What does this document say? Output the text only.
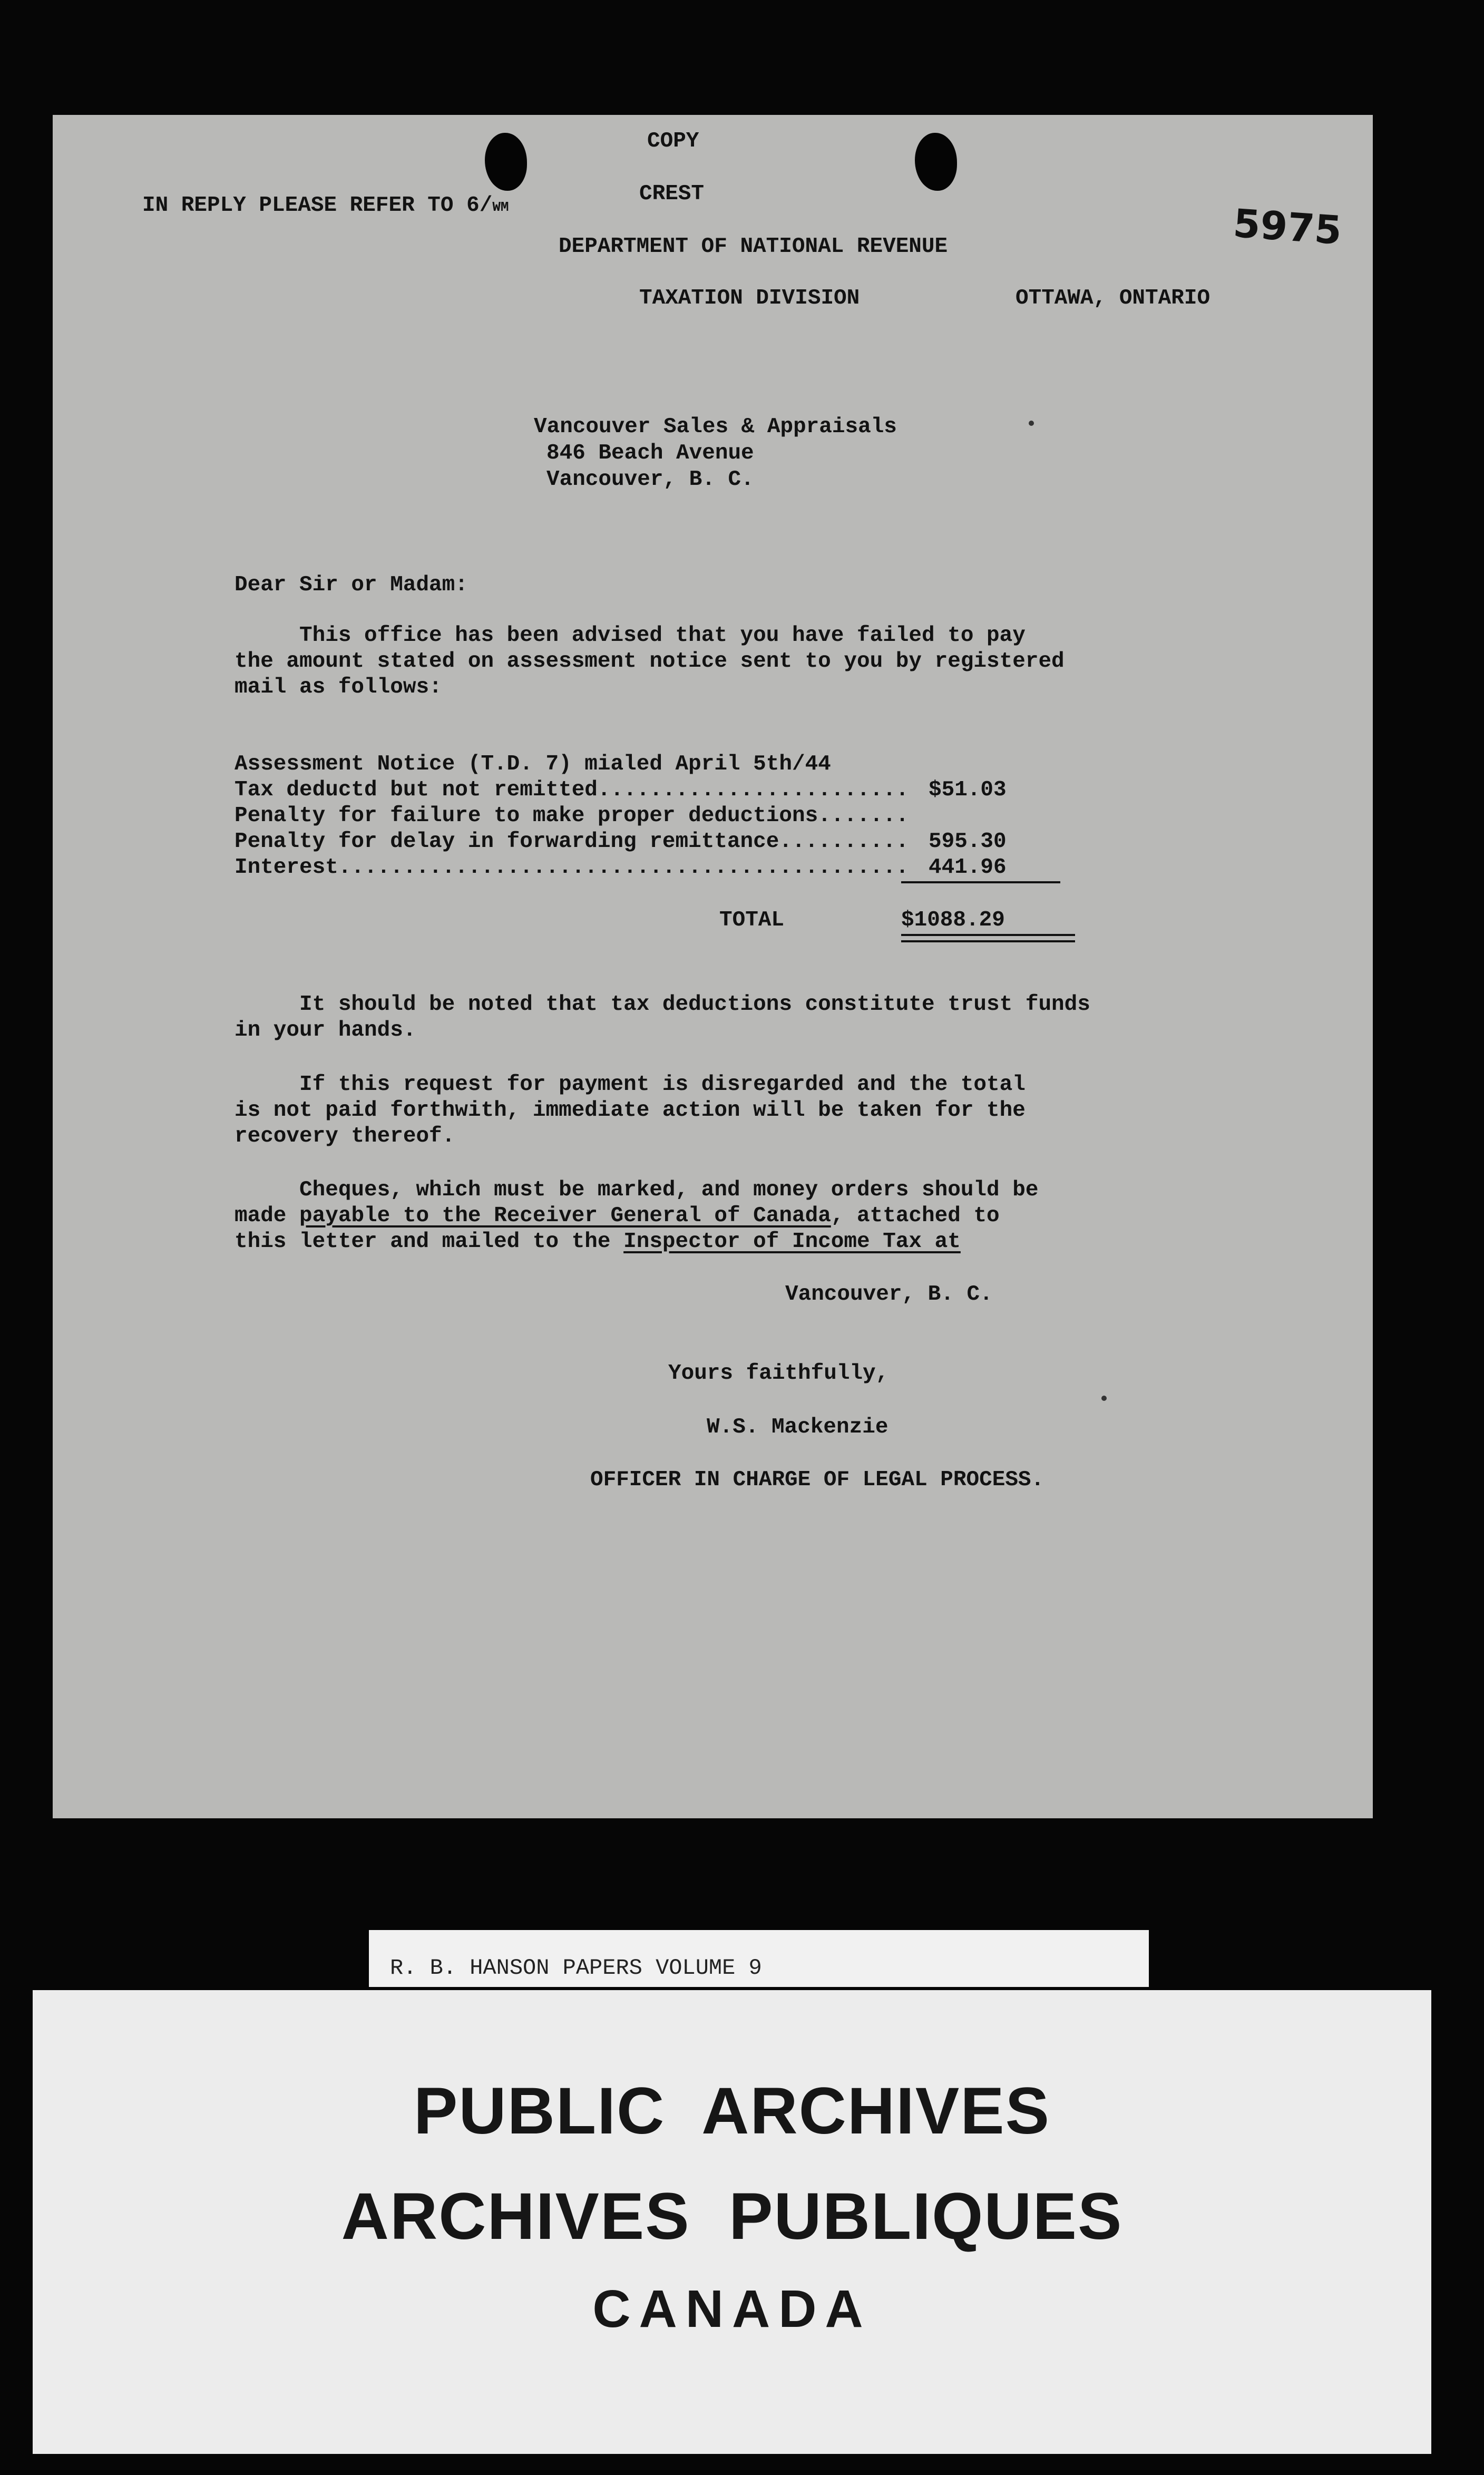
COPY
CREST
IN REPLY PLEASE REFER TO 6/WM	5975
DEPARTMENT OF NATIONAL REVENUE
TAXATION DIVISION	OTTAWA, ONTARIO
Vancouver Sales & Appraisals
846 Beach Avenue
Vancouver, B. C.
Dear Sir or Madam:
This office has been advised that you have failed to pay
the amount stated on assessment notice sent to you by registered
mail as follows:
Assessment Notice (T.D. 7) mialed April 5th/44
Tax deductd but not remitted........................ $51.03
Penalty for failure to make proper deductions.......
Penalty for delay in forwarding remittance.......... 595.30
Interest............................................ 441.96
TOTAL	$1088.29
It should be noted that tax deductions constitute trust funds
in your hands.
If this request for payment is disregarded and the total
is not paid forthwith, immediate action will be taken for the
recovery thereof.
Cheques, which must be marked, and money orders should be
made payable to the Receiver General of Canada, attached to
this letter and mailed to the Inspector of Income Tax at
Vancouver, B. C.
Yours faithfully,
W.S. Mackenzie
OFFICER IN CHARGE OF LEGAL PROCESS.
R. B. HANSON PAPERS VOLUME 9
PUBLIC  ARCHIVES
ARCHIVES  PUBLIQUES
CANADA
